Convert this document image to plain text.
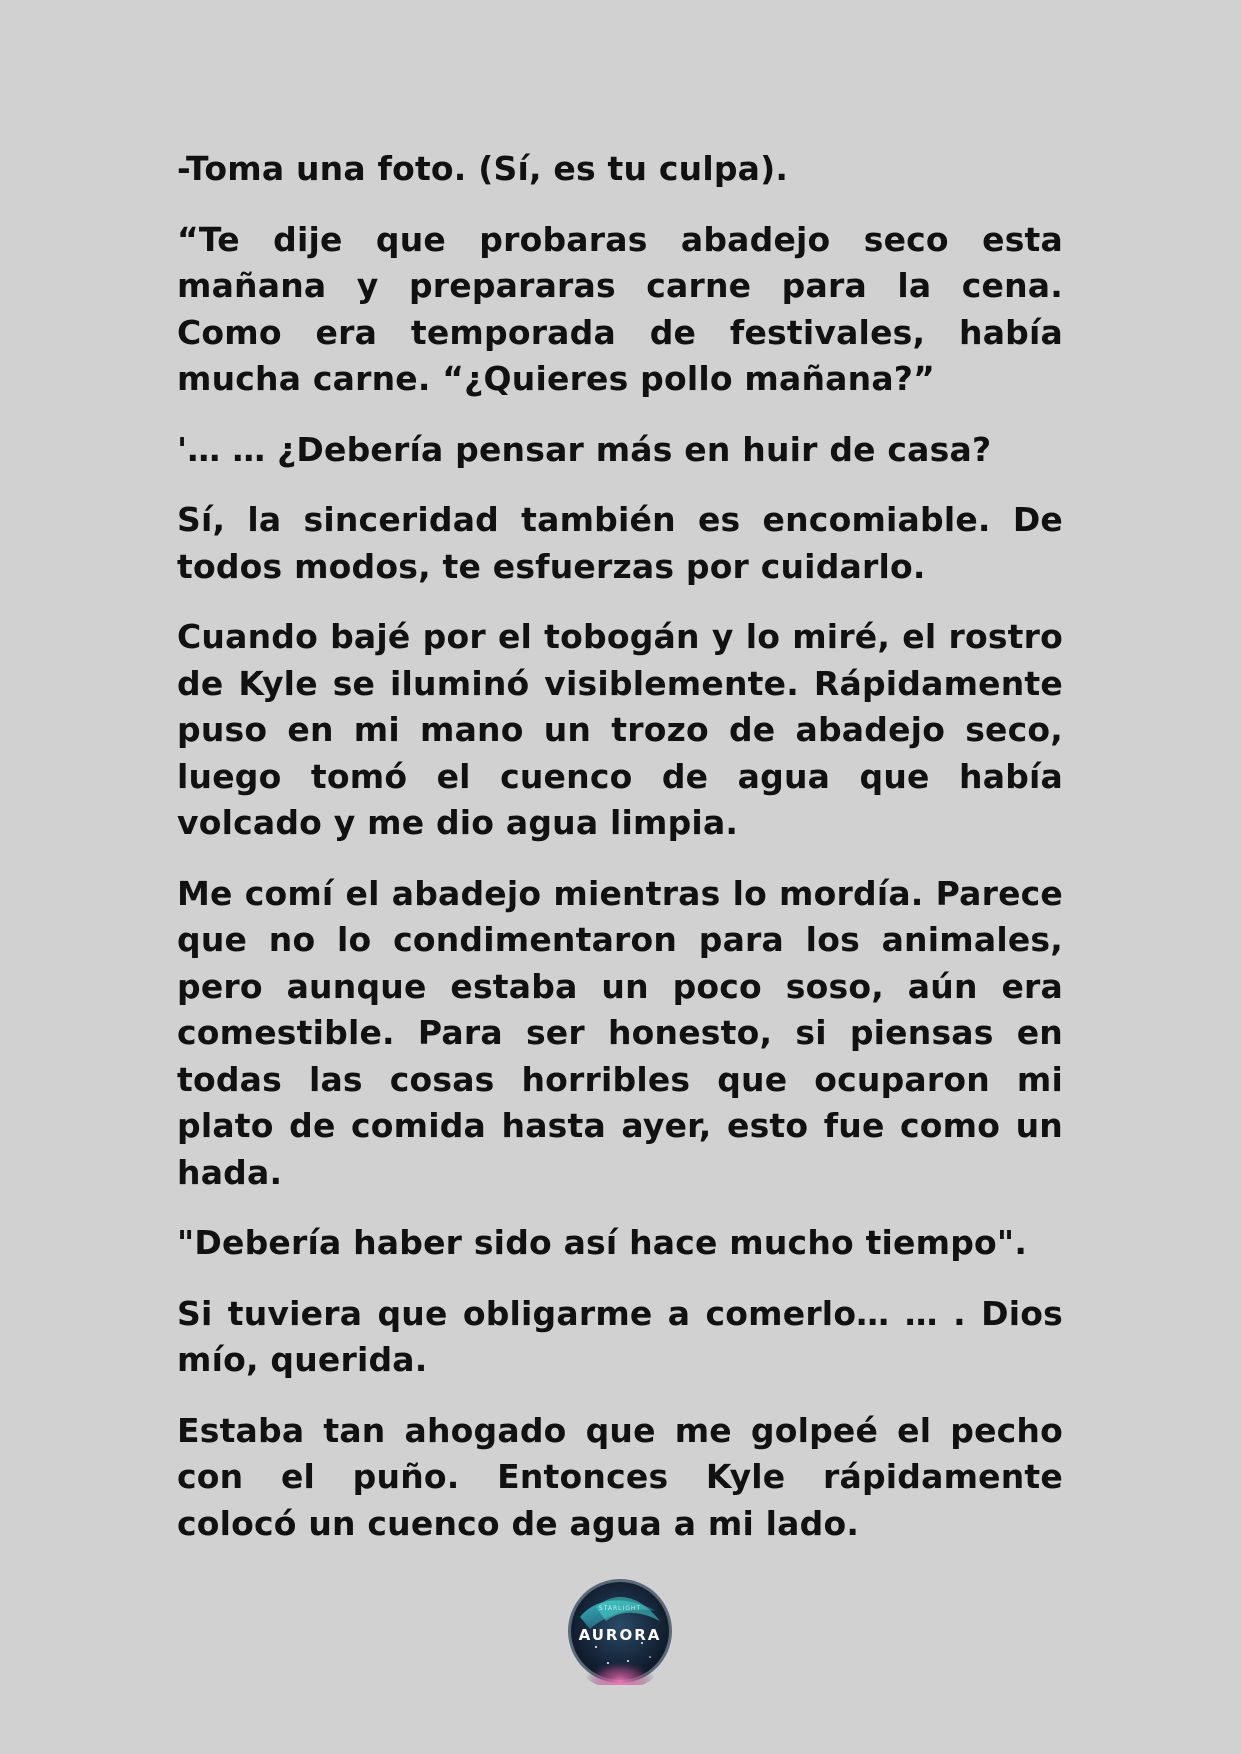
-Toma una foto. (Sí, es tu culpa).

“Te dije que probaras abadejo seco esta mañana y prepararas carne para la cena. Como era temporada de festivales, había mucha carne. “¿Quieres pollo mañana?”

'… … ¿Debería pensar más en huir de casa?

Sí, la sinceridad también es encomiable. De todos modos, te esfuerzas por cuidarlo.

Cuando bajé por el tobogán y lo miré, el rostro de Kyle se iluminó visiblemente. Rápidamente puso en mi mano un trozo de abadejo seco, luego tomó el cuenco de agua que había volcado y me dio agua limpia.

Me comí el abadejo mientras lo mordía. Parece que no lo condimentaron para los animales, pero aunque estaba un poco soso, aún era comestible. Para ser honesto, si piensas en todas las cosas horribles que ocuparon mi plato de comida hasta ayer, esto fue como un hada.

"Debería haber sido así hace mucho tiempo".

Si tuviera que obligarme a comerlo… … . Dios mío, querida.

Estaba tan ahogado que me golpeé el pecho con el puño. Entonces Kyle rápidamente colocó un cuenco de agua a mi lado.

STARLIGHT
AURORA
